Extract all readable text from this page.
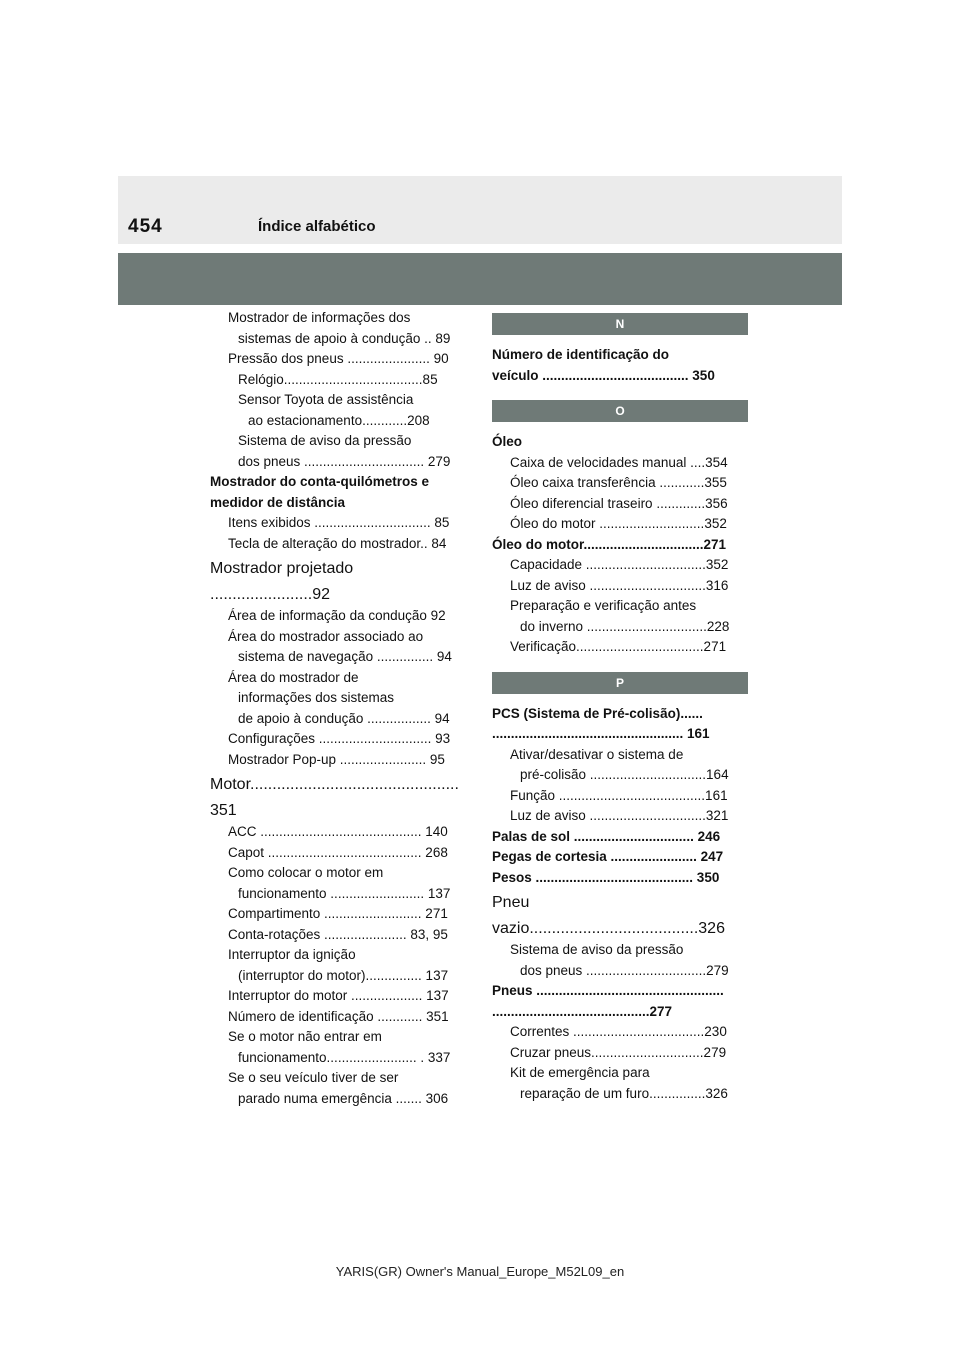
454	Índice alfabético
Mostrador de informações dos
sistemas de apoio à condução .. 89
Pressão dos pneus ...................... 90
Relógio.....................................85
Sensor Toyota de assistência
ao estacionamento............208
Sistema de aviso da pressão
dos pneus ................................ 279
Mostrador do conta-quilómetros e
medidor de distância
Itens exibidos ............................... 85
Tecla de alteração do mostrador.. 84
Mostrador projetado
.......................92
Área de informação da condução 92
Área do mostrador associado ao
sistema de navegação ............... 94
Área do mostrador de
informações dos sistemas
de apoio à condução ................. 94
Configurações .............................. 93
Mostrador Pop-up ....................... 95
Motor...............................................
351
ACC ........................................... 140
Capot ......................................... 268
Como colocar o motor em
funcionamento ......................... 137
Compartimento .......................... 271
Conta-rotações ...................... 83, 95
Interruptor da ignição
(interruptor do motor)............... 137
Interruptor do motor ................... 137
Número de identificação ............ 351
Se o motor não entrar em
funcionamento........................ . 337
Se o seu veículo tiver de ser
parado numa emergência ....... 306
N
Número de identificação do
veículo ....................................... 350
O
Óleo
Caixa de velocidades manual ....354
Óleo caixa transferência ............355
Óleo diferencial traseiro .............356
Óleo do motor ............................352
Óleo do motor................................271
Capacidade ................................352
Luz de aviso ...............................316
Preparação e verificação antes
do inverno ................................228
Verificação..................................271
P
PCS (Sistema de Pré-colisão)......
................................................... 161
Ativar/desativar o sistema de
pré-colisão ...............................164
Função .......................................161
Luz de aviso ...............................321
Palas de sol ................................ 246
Pegas de cortesia ....................... 247
Pesos .......................................... 350
Pneu
vazio......................................326
Sistema de aviso da pressão
dos pneus ................................279
Pneus ..................................................
..........................................277
Correntes ...................................230
Cruzar pneus..............................279
Kit de emergência para
reparação de um furo...............326
YARIS(GR) Owner's Manual_Europe_M52L09_en
